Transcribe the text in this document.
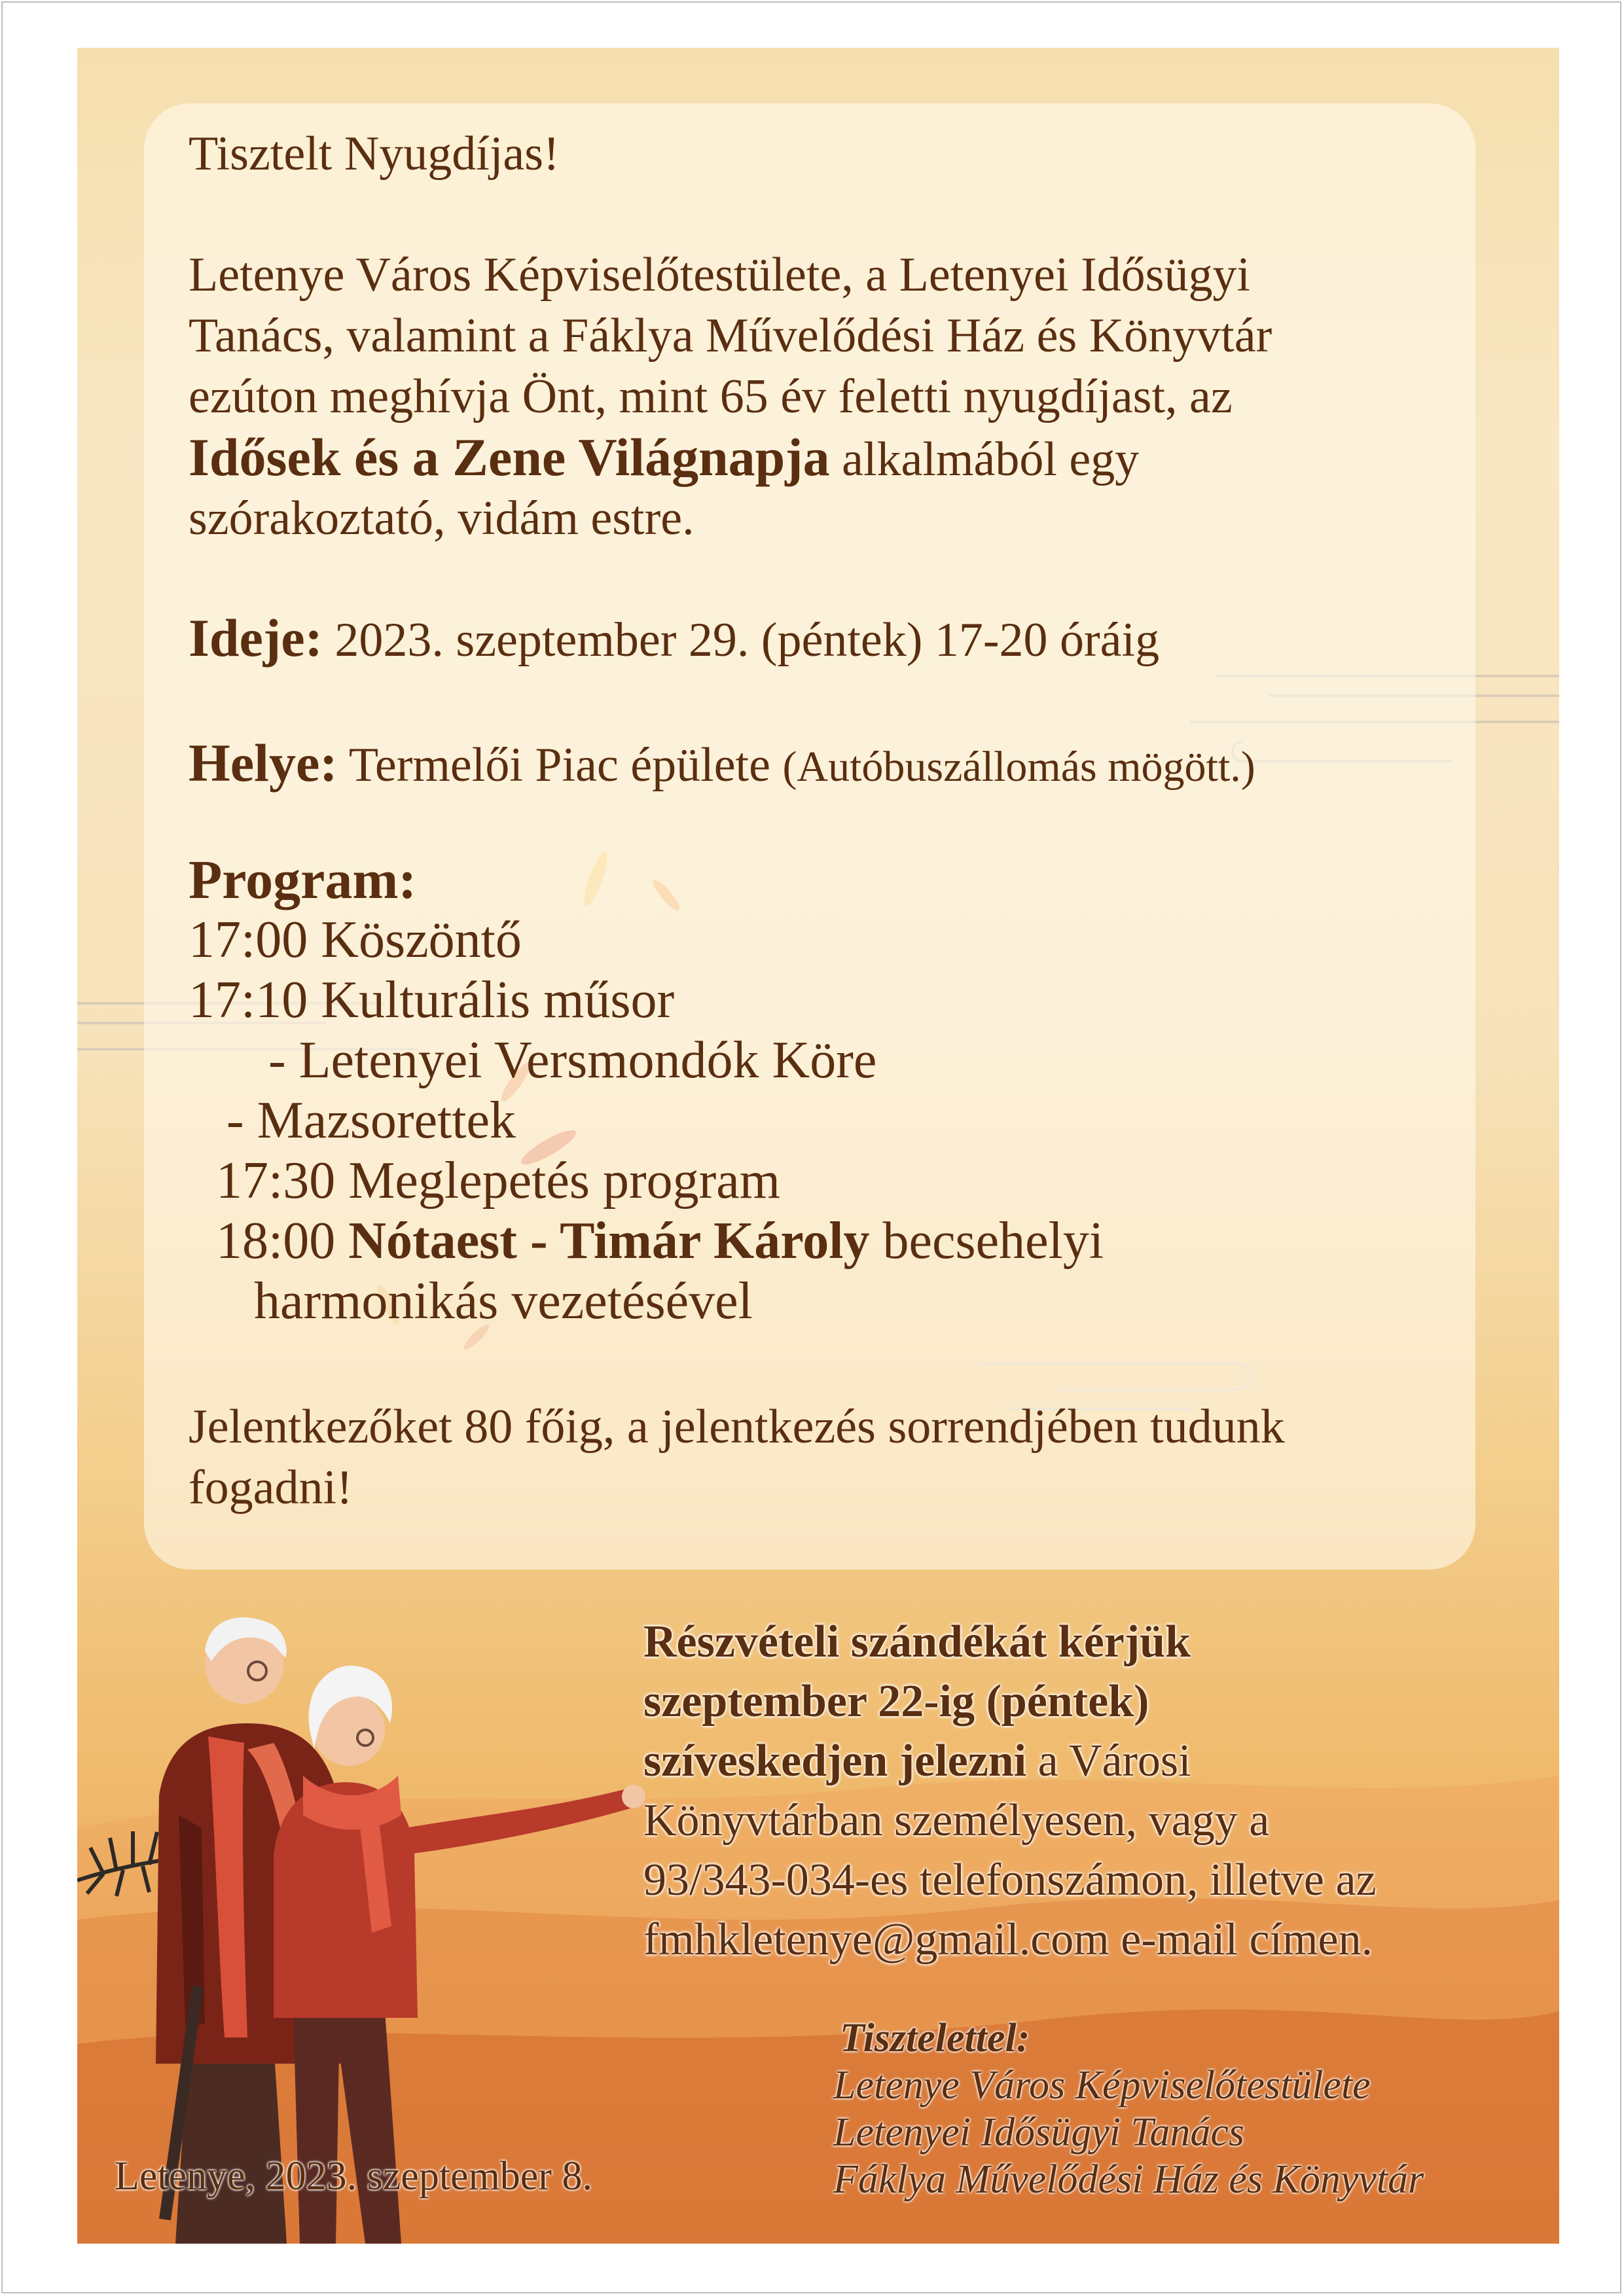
Tisztelt Nyugdíjas!

Letenye Város Képviselőtestülete, a Letenyei Idősügyi

Tanács, valamint a Fáklya Művelődési Ház és Könyvtár

ezúton meghívja Önt, mint 65 év feletti nyugdíjast, az

Idősek és a Zene Világnapja alkalmából egy

szórakoztató, vidám estre.

Ideje: 2023. szeptember 29. (péntek) 17-20 óráig

Helye: Termelői Piac épülete (Autóbuszállomás mögött.)

Program:

17:00 Köszöntő

17:10 Kulturális műsor

- Letenyei Versmondók Köre

- Mazsorettek

17:30 Meglepetés program

18:00 Nótaest - Timár Károly becsehelyi

harmonikás vezetésével

Jelentkezőket 80 főig, a jelentkezés sorrendjében tudunk

fogadni!

Részvételi szándékát kérjük
szeptember 22-ig (péntek)
szíveskedjen jelezni a Városi
Könyvtárban személyesen, vagy a
93/343-034-es telefonszámon, illetve az
fmhkletenye@gmail.com e-mail címen.

Tisztelettel:

Letenye Város Képviselőtestülete

Letenyei Idősügyi Tanács

Fáklya Művelődési Ház és Könyvtár

Letenye, 2023. szeptember 8.
